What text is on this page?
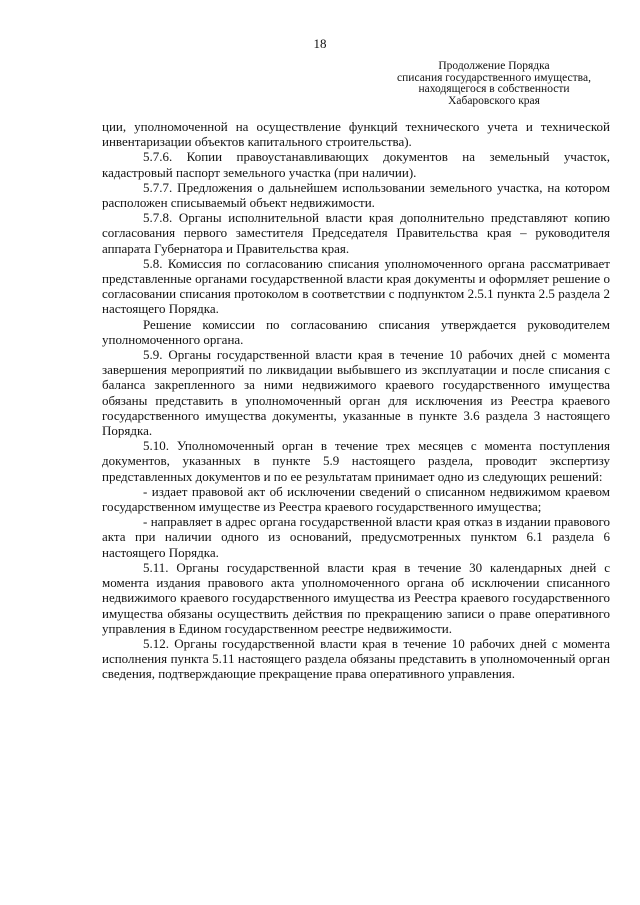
18
Продолжение Порядка
списания государственного имущества,
находящегося в собственности
Хабаровского края

ции, уполномоченной на осуществление функций технического учета и технической инвентаризации объектов капитального строительства).

5.7.6. Копии правоустанавливающих документов на земельный участок, кадастровый паспорт земельного участка (при наличии).

5.7.7. Предложения о дальнейшем использовании земельного участка, на котором расположен списываемый объект недвижимости.

5.7.8. Органы исполнительной власти края дополнительно представляют копию согласования первого заместителя Председателя Правительства края – руководителя аппарата Губернатора и Правительства края.

5.8. Комиссия по согласованию списания уполномоченного органа рассматривает представленные органами государственной власти края документы и оформляет решение о согласовании списания протоколом в соответствии с подпунктом 2.5.1 пункта 2.5 раздела 2 настоящего Порядка.

Решение комиссии по согласованию списания утверждается руководителем уполномоченного органа.

5.9. Органы государственной власти края в течение 10 рабочих дней с момента завершения мероприятий по ликвидации выбывшего из эксплуатации и после списания с баланса закрепленного за ними недвижимого краевого государственного имущества обязаны представить в уполномоченный орган для исключения из Реестра краевого государственного имущества документы, указанные в пункте 3.6 раздела 3 настоящего Порядка.

5.10. Уполномоченный орган в течение трех месяцев с момента поступления документов, указанных в пункте 5.9 настоящего раздела, проводит экспертизу представленных документов и по ее результатам принимает одно из следующих решений:

- издает правовой акт об исключении сведений о списанном недвижимом краевом государственном имуществе из Реестра краевого государственного имущества;

- направляет в адрес органа государственной власти края отказ в издании правового акта при наличии одного из оснований, предусмотренных пунктом 6.1 раздела 6 настоящего Порядка.

5.11. Органы государственной власти края в течение 30 календарных дней с момента издания правового акта уполномоченного органа об исключении списанного недвижимого краевого государственного имущества из Реестра краевого государственного имущества обязаны осуществить действия по прекращению записи о праве оперативного управления в Едином государственном реестре недвижимости.

5.12. Органы государственной власти края в течение 10 рабочих дней с момента исполнения пункта 5.11 настоящего раздела обязаны представить в уполномоченный орган сведения, подтверждающие прекращение права оперативного управления.
